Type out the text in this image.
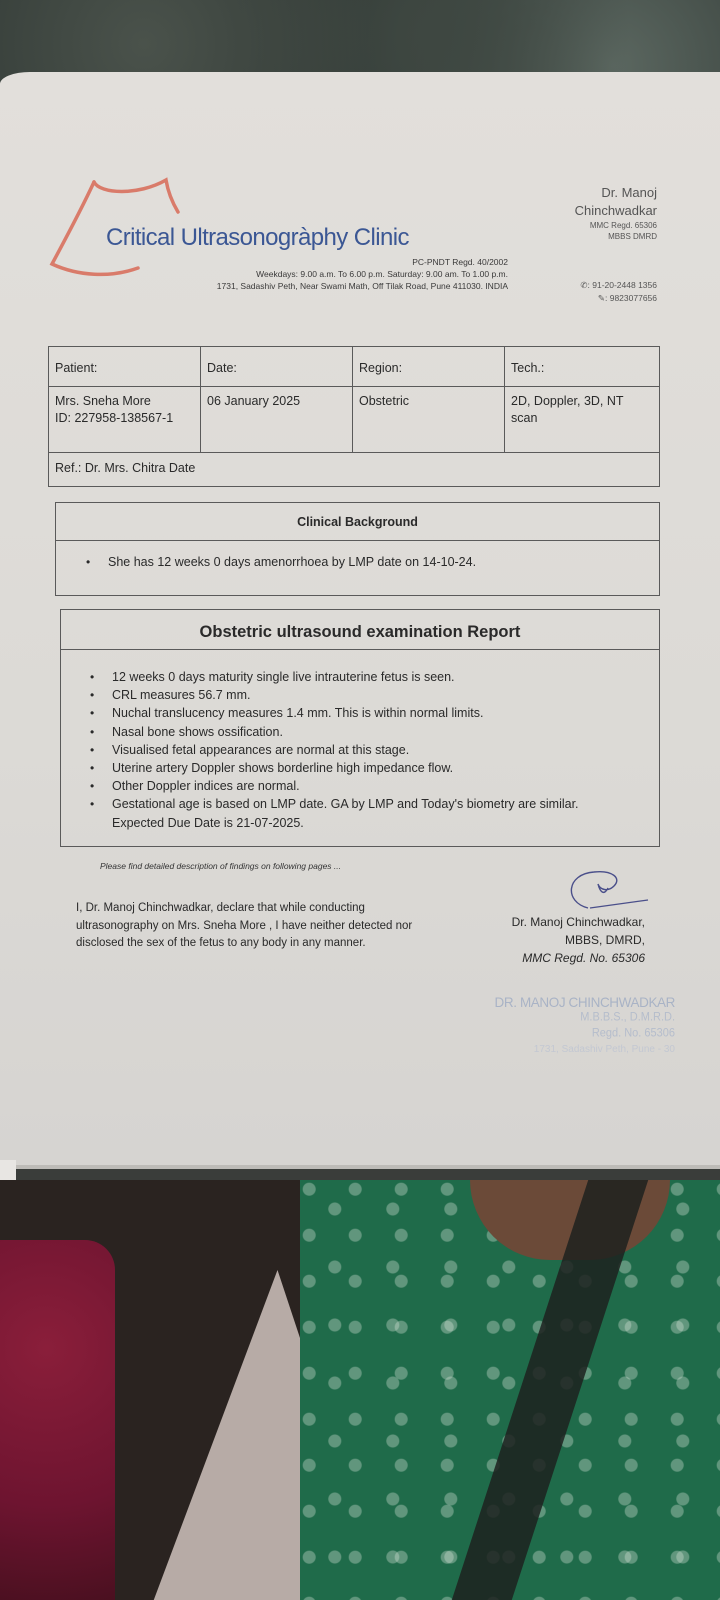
Critical Ultrasonogràphy Clinic
PC-PNDT Regd. 40/2002
Weekdays: 9.00 a.m. To 6.00 p.m. Saturday: 9.00 am. To 1.00 p.m.
1731, Sadashiv Peth, Near Swami Math, Off Tilak Road, Pune 411030. INDIA
Dr. Manoj
Chinchwadkar
MMC Regd. 65306
MBBS DMRD
✆: 91-20-2448 1356
✎: 9823077656
Patient:	Date:	Region:	Tech.:

Mrs. Sneha More
ID: 227958-138567-1	06 January 2025	Obstetric	2D, Doppler, 3D, NT scan
Ref.: Dr. Mrs. Chitra Date			
Clinical Background
• She has 12 weeks 0 days amenorrhoea by LMP date on 14-10-24.
Obstetric ultrasound examination Report
• 12 weeks 0 days maturity single live intrauterine fetus is seen.
• CRL measures 56.7 mm.
• Nuchal translucency measures 1.4 mm. This is within normal limits.
• Nasal bone shows ossification.
• Visualised fetal appearances are normal at this stage.
• Uterine artery Doppler shows borderline high impedance flow.
• Other Doppler indices are normal.
• Gestational age is based on LMP date. GA by LMP and Today's biometry are similar. Expected Due Date is 21-07-2025.
Please find detailed description of findings on following pages ...
I, Dr. Manoj Chinchwadkar, declare that while conducting ultrasonography on Mrs. Sneha More , I have neither detected nor disclosed the sex of the fetus to any body in any manner.
Dr. Manoj Chinchwadkar,
MBBS, DMRD,
MMC Regd. No. 65306
DR. MANOJ CHINCHWADKAR
M.B.B.S., D.M.R.D.
Regd. No. 65306
1731, Sadashiv Peth, Pune - 30
